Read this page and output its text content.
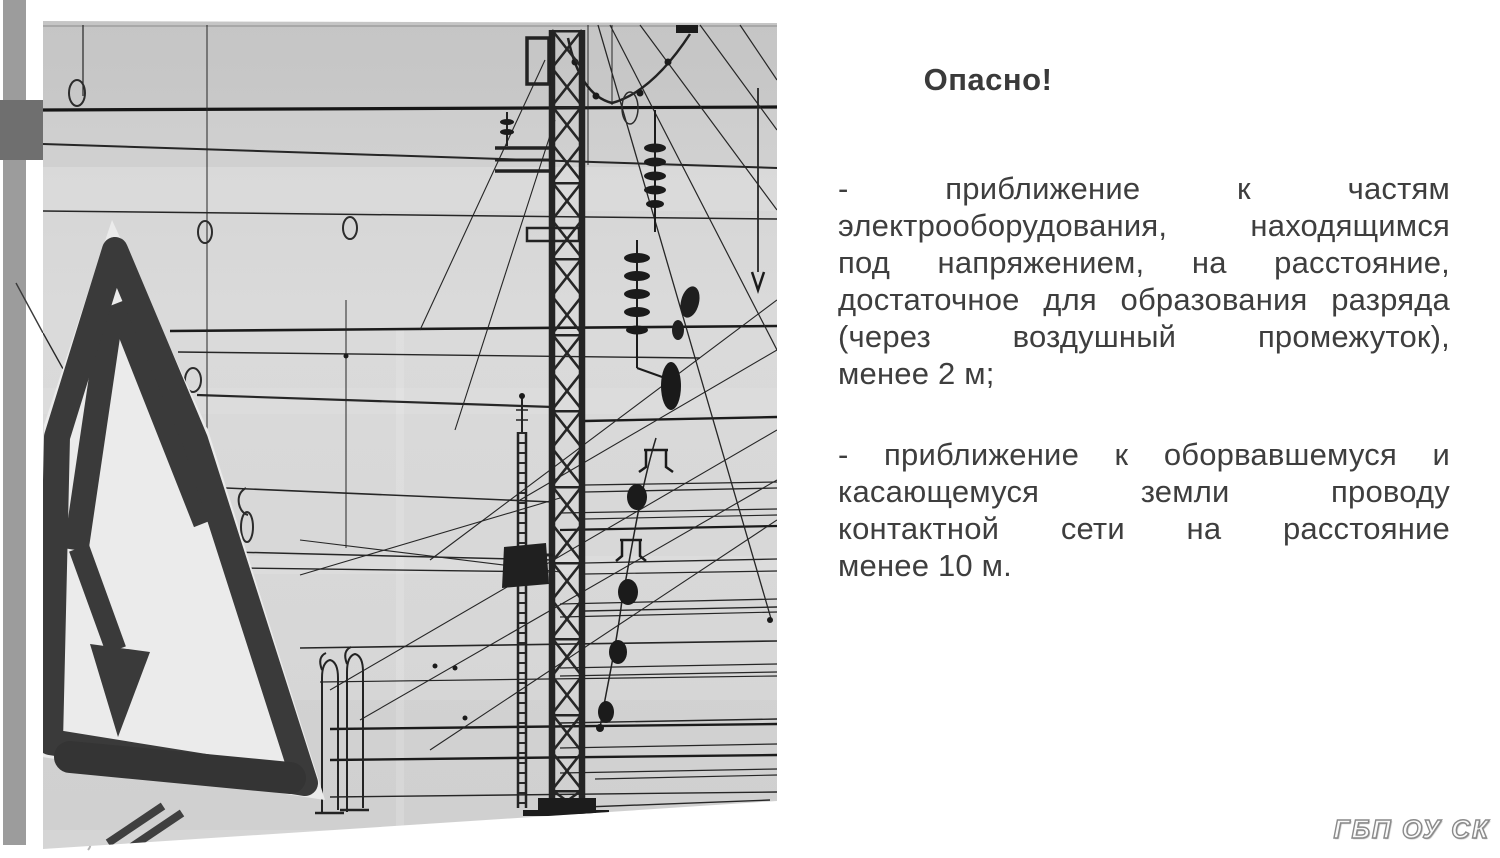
Опасно!
- приближение к частям
электрооборудования, находящимся
под напряжением, на расстояние,
достаточное для образования разряда
(через воздушный промежуток),
менее 2 м;
- приближение к оборвавшемуся и
касающемуся земли проводу
контактной сети на расстояние
менее 10 м.
ГБП ОУ СК
